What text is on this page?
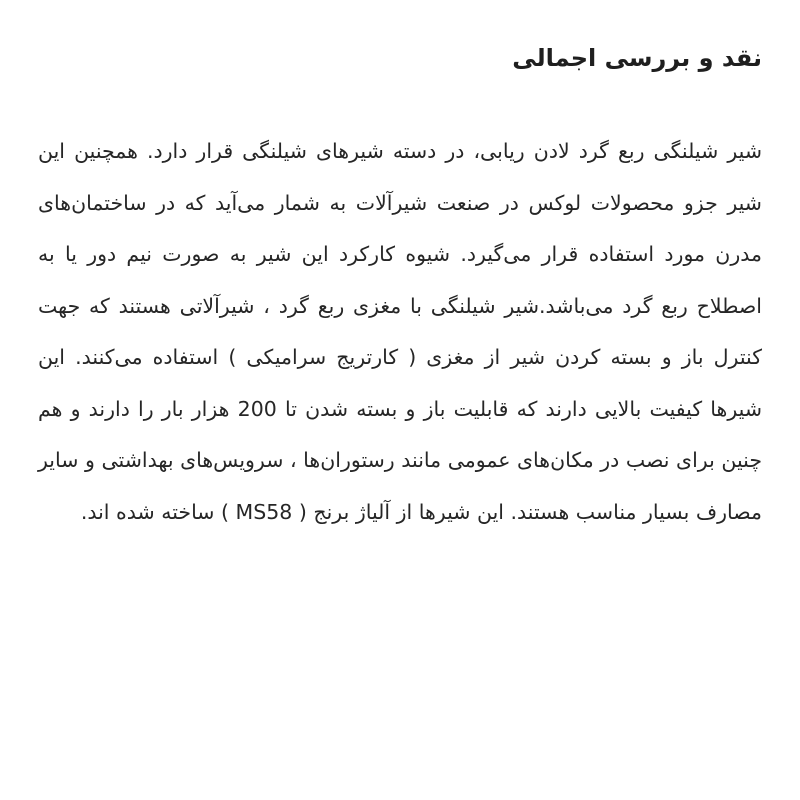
نقد و بررسی اجمالی

شیر شیلنگی ربع گرد لادن ریابی، در دسته شیرهای شیلنگی قرار دارد. همچنین این شیر جزو محصولات لوکس در صنعت شیرآلات به شمار می‌آید که در ساختمان‌های مدرن مورد استفاده قرار می‌گیرد. شیوه کارکرد این شیر به صورت نیم دور یا به اصطلاح ربع گرد می‌باشد.شیر شیلنگی با مغزی ربع گرد ، شیرآلاتی هستند که جهت کنترل باز و بسته کردن شیر از مغزی ( کارتریج سرامیکی ) استفاده می‌کنند. این شیرها کیفیت بالایی دارند که قابلیت باز و بسته شدن تا 200 هزار بار را دارند و هم چنین برای نصب در مکان‌های عمومی مانند رستوران‌ها ، سرویس‌های بهداشتی و سایر مصارف بسیار مناسب هستند. این شیرها از آلیاژ برنج ( MS58 ) ساخته شده اند.
